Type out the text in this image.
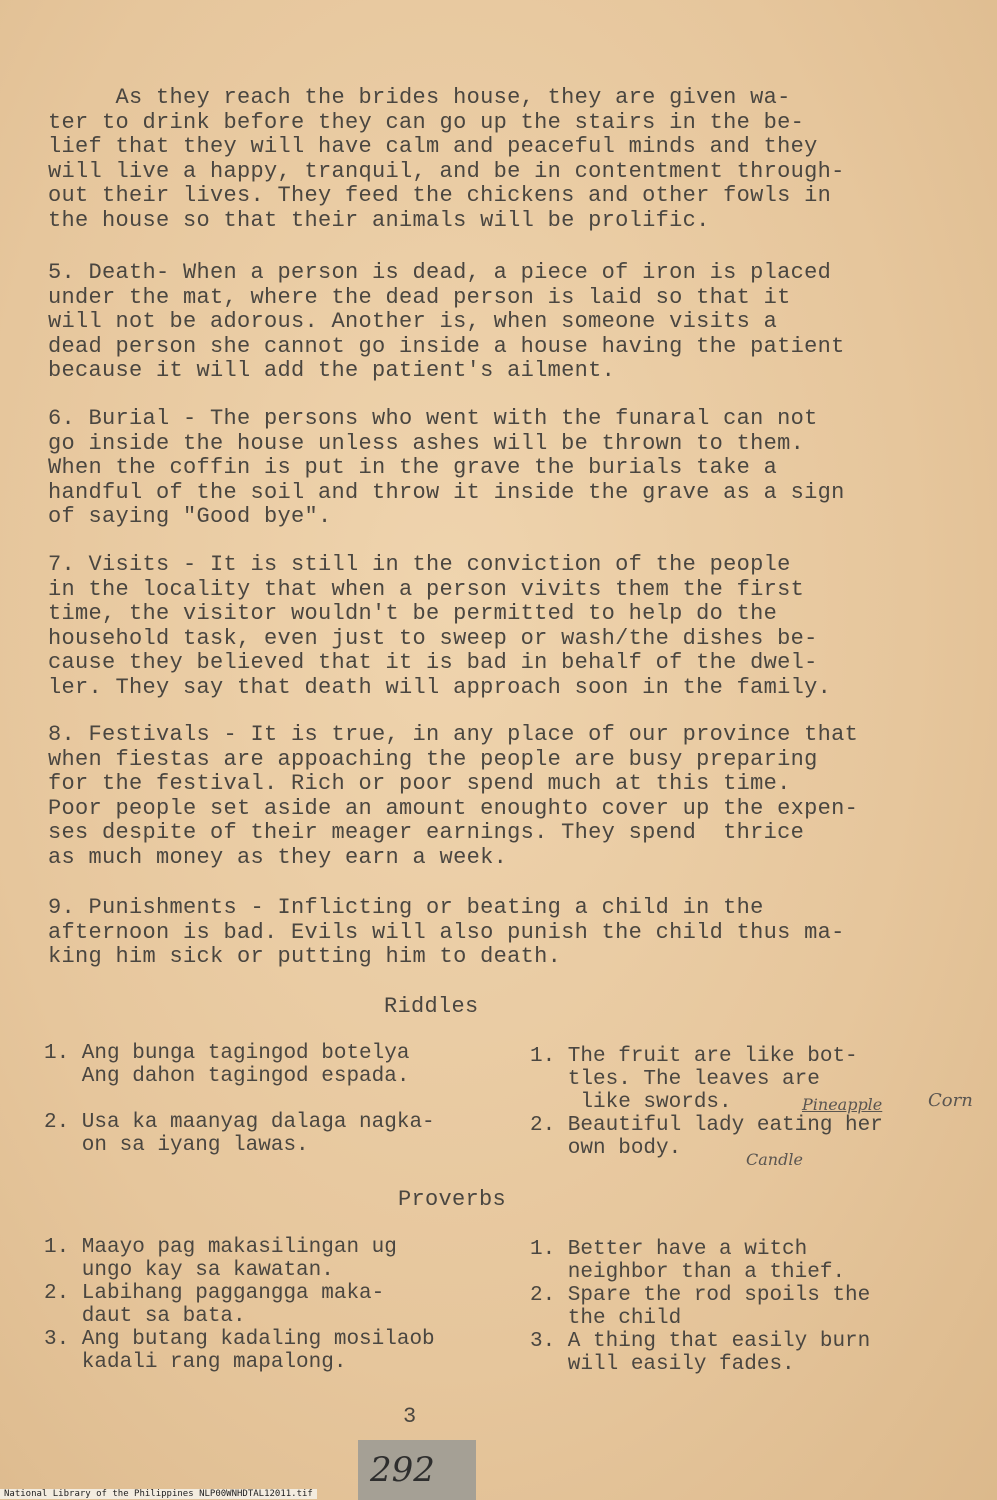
As they reach the brides house, they are given wa-
ter to drink before they can go up the stairs in the be-
lief that they will have calm and peaceful minds and they
will live a happy, tranquil, and be in contentment through-
out their lives. They feed the chickens and other fowls in
the house so that their animals will be prolific.
5. Death- When a person is dead, a piece of iron is placed
under the mat, where the dead person is laid so that it
will not be adorous. Another is, when someone visits a
dead person she cannot go inside a house having the patient
because it will add the patient's ailment.
6. Burial - The persons who went with the funaral can not
go inside the house unless ashes will be thrown to them.
When the coffin is put in the grave the burials take a
handful of the soil and throw it inside the grave as a sign
of saying "Good bye".
7. Visits - It is still in the conviction of the people
in the locality that when a person vivits them the first
time, the visitor wouldn't be permitted to help do the
household task, even just to sweep or wash/the dishes be-
cause they believed that it is bad in behalf of the dwel-
ler. They say that death will approach soon in the family.
8. Festivals - It is true, in any place of our province that
when fiestas are appoaching the people are busy preparing
for the festival. Rich or poor spend much at this time.
Poor people set aside an amount enoughto cover up the expen-
ses despite of their meager earnings. They spend  thrice
as much money as they earn a week.
9. Punishments - Inflicting or beating a child in the
afternoon is bad. Evils will also punish the child thus ma-
king him sick or putting him to death.
Riddles
1. Ang bunga tagingod botelya
Ang dahon tagingod espada.

2. Usa ka maanyag dalaga nagka-
on sa iyang lawas.
1. The fruit are like bot-
tles. The leaves are
like swords.
2. Beautiful lady eating her
own body.
Pineapple	Corn
Candle
Proverbs
1. Maayo pag makasilingan ug
ungo kay sa kawatan.
2. Labihang paggangga maka-
daut sa bata.
3. Ang butang kadaling mosilaob
kadali rang mapalong.
1. Better have a witch
neighbor than a thief.
2. Spare the rod spoils the
the child
3. A thing that easily burn
will easily fades.
3
292
National Library of the Philippines NLP00WNHDTAL12011.tif
